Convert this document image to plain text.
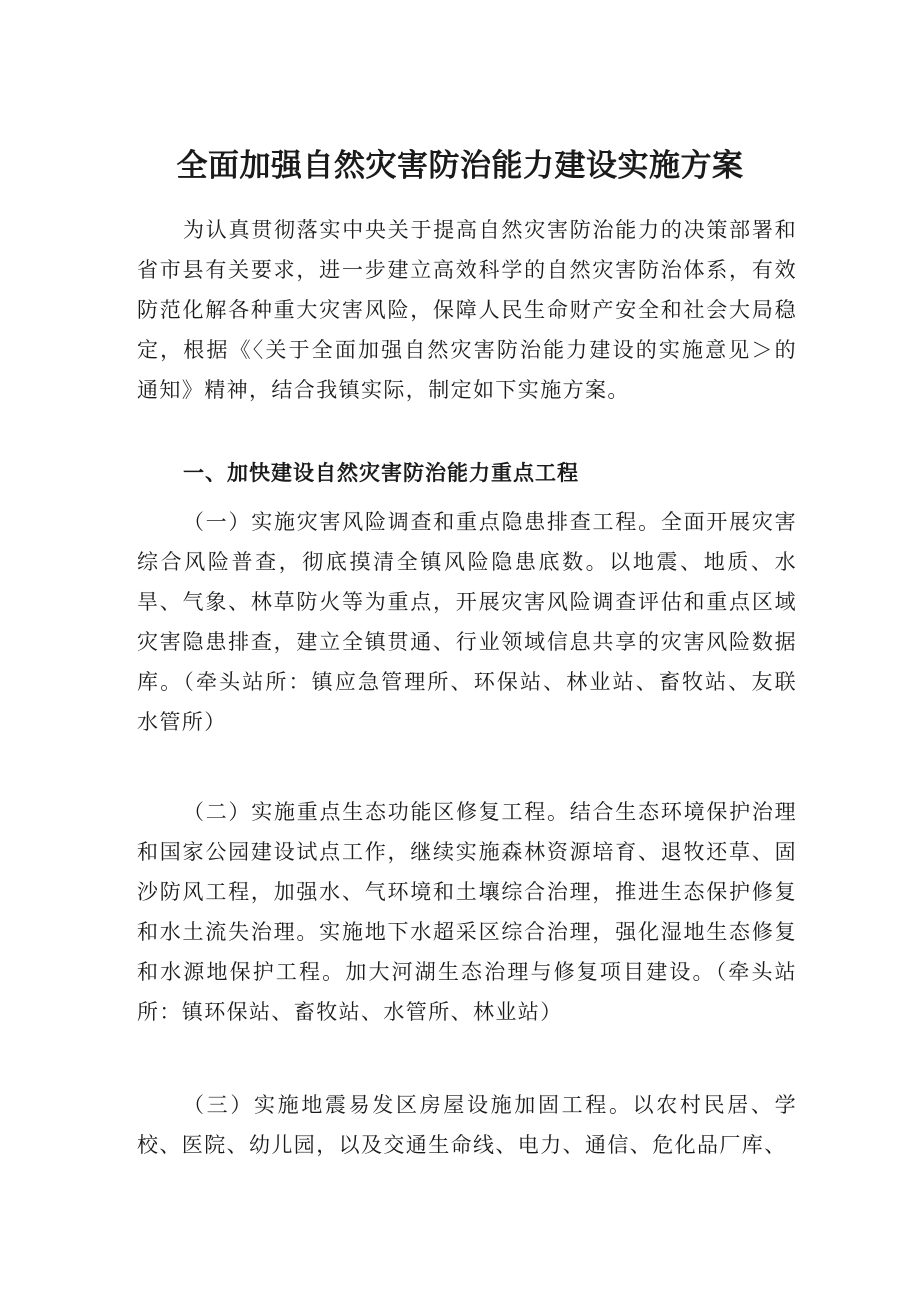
全面加强自然灾害防治能力建设实施方案

为认真贯彻落实中央关于提高自然灾害防治能力的决策部署和省市县有关要求，进一步建立高效科学的自然灾害防治体系，有效防范化解各种重大灾害风险，保障人民生命财产安全和社会大局稳定，根据《〈关于全面加强自然灾害防治能力建设的实施意见＞的通知》精神，结合我镇实际，制定如下实施方案。

一、加快建设自然灾害防治能力重点工程

（一）实施灾害风险调查和重点隐患排查工程。全面开展灾害综合风险普查，彻底摸清全镇风险隐患底数。以地震、地质、水旱、气象、林草防火等为重点，开展灾害风险调查评估和重点区域灾害隐患排查，建立全镇贯通、行业领域信息共享的灾害风险数据库。（牵头站所：镇应急管理所、环保站、林业站、畜牧站、友联水管所）

（二）实施重点生态功能区修复工程。结合生态环境保护治理和国家公园建设试点工作，继续实施森林资源培育、退牧还草、固沙防风工程，加强水、气环境和土壤综合治理，推进生态保护修复和水土流失治理。实施地下水超采区综合治理，强化湿地生态修复和水源地保护工程。加大河湖生态治理与修复项目建设。（牵头站所：镇环保站、畜牧站、水管所、林业站）

（三）实施地震易发区房屋设施加固工程。以农村民居、学校、医院、幼儿园，以及交通生命线、电力、通信、危化品厂库、
